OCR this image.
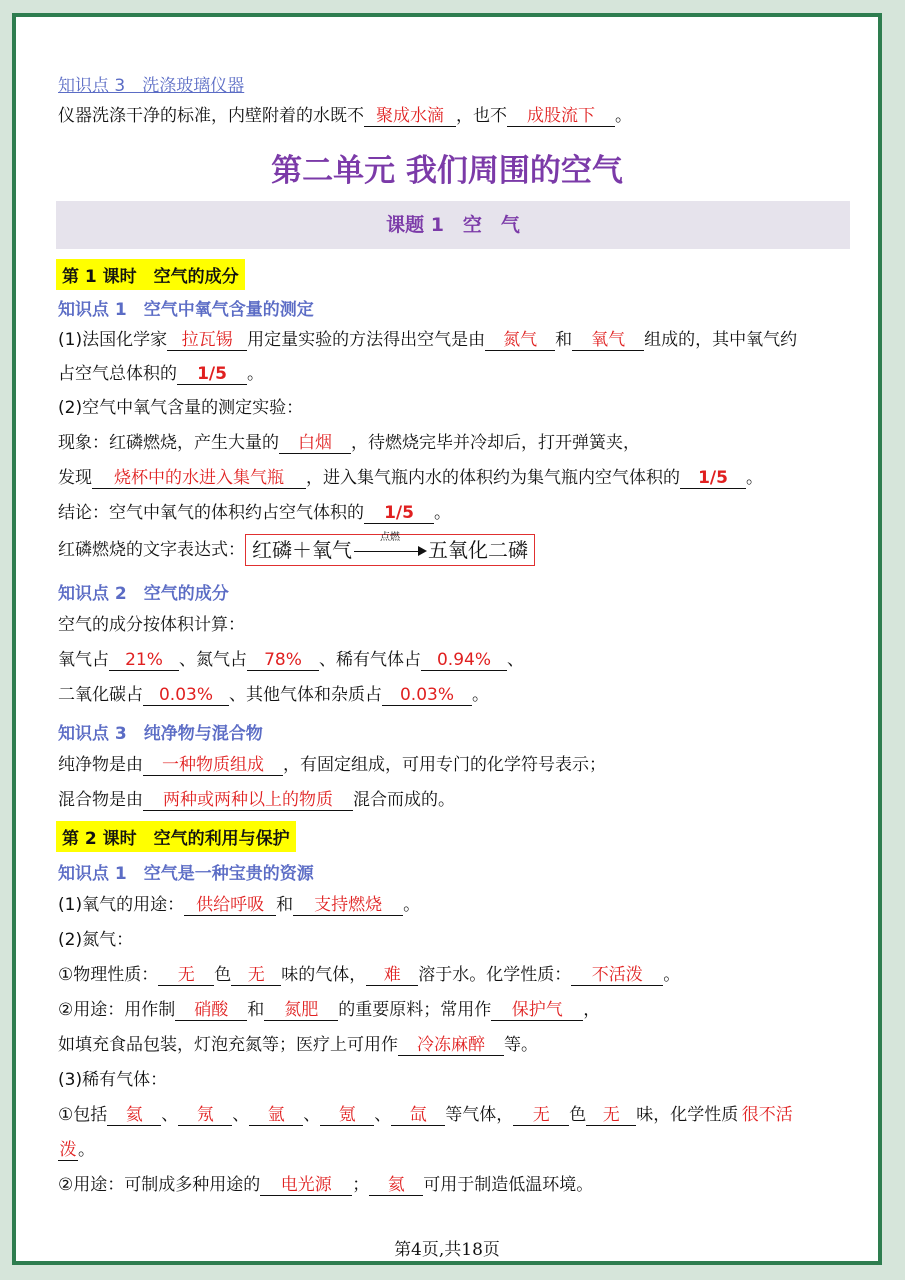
知识点 3　洗涤玻璃仪器
仪器洗涤干净的标准，内壁附着的水既不 聚成水滴 ，也不 成股流下 。
第二单元 我们周围的空气
课题 1　空　气
第 1 课时　空气的成分
知识点 1　空气中氧气含量的测定
(1)法国化学家 拉瓦锡 用定量实验的方法得出空气是由 氮气 和 氧气 组成的，其中氧气约
占空气总体积的 1/5 。
(2)空气中氧气含量的测定实验：
现象：红磷燃烧，产生大量的 白烟 ，待燃烧完毕并冷却后，打开弹簧夹，
发现 烧杯中的水进入集气瓶 ，进入集气瓶内水的体积约为集气瓶内空气体积的 1/5 。
结论：空气中氧气的体积约占空气体积的 1/5 。
红磷燃烧的文字表达式： 红磷＋氧气
点燃
五氧化二磷
知识点 2　空气的成分
空气的成分按体积计算：
氧气占 21% 、氮气占 78% 、稀有气体占 0.94% 、
二氧化碳占 0.03% 、其他气体和杂质占 0.03% 。
知识点 3　纯净物与混合物
纯净物是由 一种物质组成 ，有固定组成，可用专门的化学符号表示；
混合物是由 两种或两种以上的物质 混合而成的。
第 2 课时　空气的利用与保护
知识点 1　空气是一种宝贵的资源
(1)氧气的用途： 供给呼吸 和 支持燃烧 。
(2)氮气：
①物理性质： 无 色 无 味的气体， 难 溶于水。化学性质： 不活泼 。
②用途：用作制 硝酸 和 氮肥 的重要原料；常用作 保护气 ，
如填充食品包装，灯泡充氮等；医疗上可用作 冷冻麻醉 等。
(3)稀有气体：
①包括 氦 、 氖 、 氩 、 氪 、 氙 等气体， 无 色 无 味，化学性质 很不活
泼。
②用途：可制成多种用途的 电光源 ； 氦 可用于制造低温环境。
第4页,共18页
